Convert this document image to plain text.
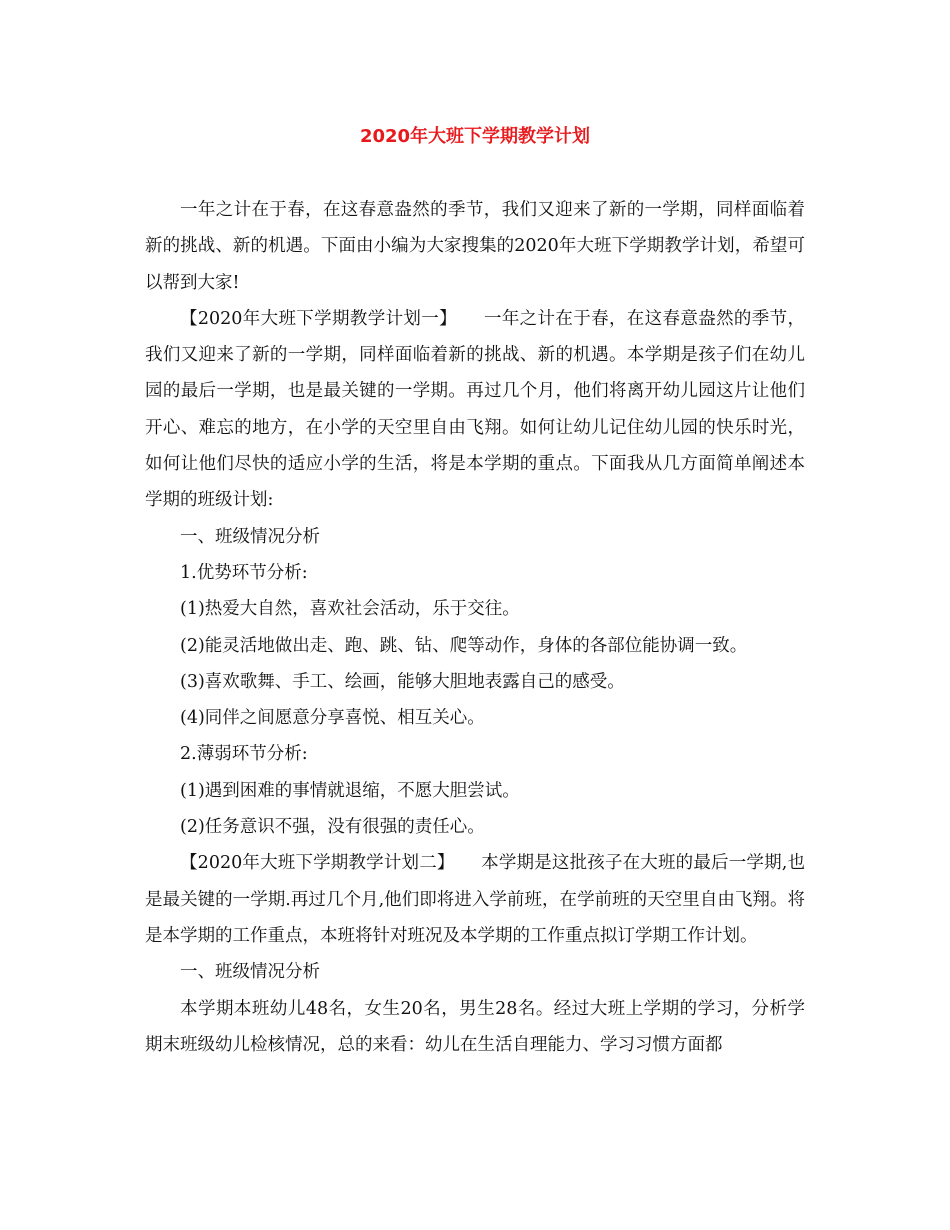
2020年大班下学期教学计划

一年之计在于春，在这春意盎然的季节，我们又迎来了新的一学期，同样面临着新的挑战、新的机遇。下面由小编为大家搜集的2020年大班下学期教学计划，希望可以帮到大家!

【2020年大班下学期教学计划一】　　一年之计在于春，在这春意盎然的季节，我们又迎来了新的一学期，同样面临着新的挑战、新的机遇。本学期是孩子们在幼儿园的最后一学期，也是最关键的一学期。再过几个月，他们将离开幼儿园这片让他们开心、难忘的地方，在小学的天空里自由飞翔。如何让幼儿记住幼儿园的快乐时光，如何让他们尽快的适应小学的生活，将是本学期的重点。下面我从几方面简单阐述本学期的班级计划:

一、班级情况分析

1.优势环节分析:

(1)热爱大自然，喜欢社会活动，乐于交往。

(2)能灵活地做出走、跑、跳、钻、爬等动作，身体的各部位能协调一致。

(3)喜欢歌舞、手工、绘画，能够大胆地表露自己的感受。

(4)同伴之间愿意分享喜悦、相互关心。

2.薄弱环节分析:

(1)遇到困难的事情就退缩，不愿大胆尝试。

(2)任务意识不强，没有很强的责任心。

【2020年大班下学期教学计划二】　　本学期是这批孩子在大班的最后一学期,也是最关键的一学期.再过几个月,他们即将进入学前班，在学前班的天空里自由飞翔。将是本学期的工作重点，本班将针对班况及本学期的工作重点拟订学期工作计划。

一、班级情况分析

本学期本班幼儿48名，女生20名，男生28名。经过大班上学期的学习，分析学期末班级幼儿检核情况，总的来看：幼儿在生活自理能力、学习习惯方面都
